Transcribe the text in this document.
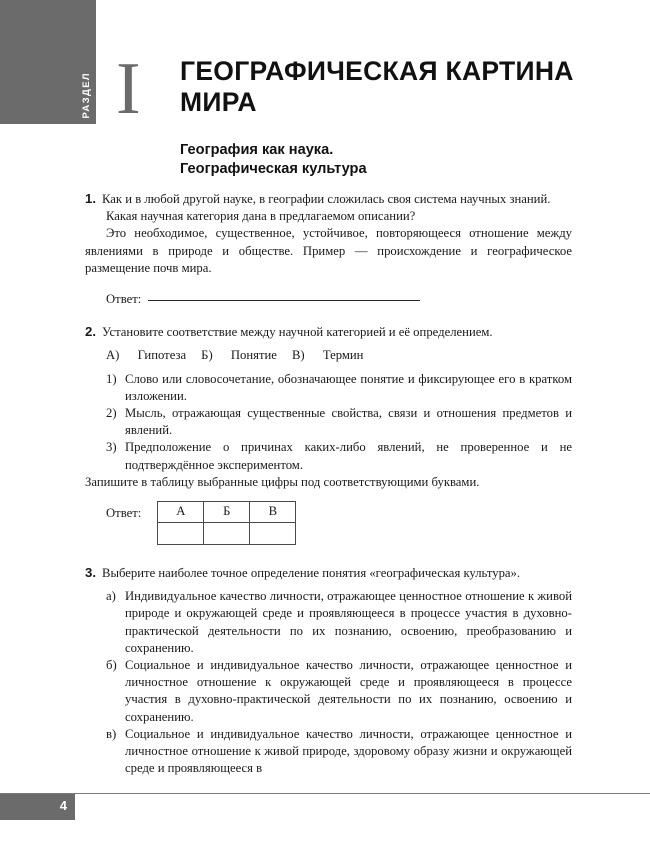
РАЗДЕЛ I ГЕОГРАФИЧЕСКАЯ КАРТИНА МИРА
География как наука.
Географическая культура

1. Как и в любой другой науке, в географии сложилась своя система научных знаний.

Какая научная категория дана в предлагаемом описании?

Это необходимое, существенное, устойчивое, повторяющееся отношение между явлениями в природе и обществе. Пример — происхождение и географическое размещение почв мира.

Ответ:

2. Установите соответствие между научной категорией и её определением.

А) Гипотеза Б) Понятие В) Термин

1) Слово или словосочетание, обозначающее понятие и фиксирующее его в кратком изложении.
2) Мысль, отражающая существенные свойства, связи и отношения предметов и явлений.
3) Предположение о причинах каких-либо явлений, не проверенное и не подтверждённое экспериментом.

Запишите в таблицу выбранные цифры под соответствующими буквами.

Ответ:	А	Б	В

3. Выберите наиболее точное определение понятия «географическая культура».

а) Индивидуальное качество личности, отражающее ценностное отношение к живой природе и окружающей среде и проявляющееся в процессе участия в духовно-практической деятельности по их познанию, освоению, преобразованию и сохранению.
б) Социальное и индивидуальное качество личности, отражающее ценностное и личностное отношение к окружающей среде и проявляющееся в процессе участия в духовно-практической деятельности по их познанию, освоению и сохранению.
в) Социальное и индивидуальное качество личности, отражающее ценностное и личностное отношение к живой природе, здоровому образу жизни и окружающей среде и проявляющееся в
4
